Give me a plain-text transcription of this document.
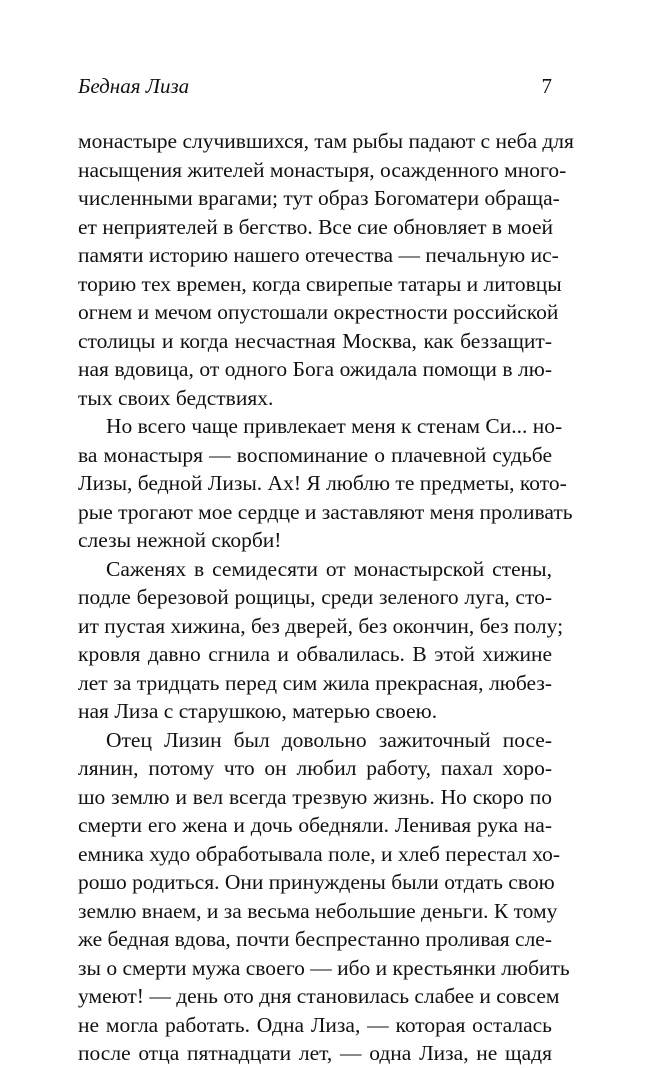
Бедная Лиза	7
монастыре случившихся, там рыбы падают с неба для
насыщения жителей монастыря, осажденного много-
численными врагами; тут образ Богоматери обраща-
ет неприятелей в бегство. Все сие обновляет в моей
памяти историю нашего отечества — печальную ис-
торию тех времен, когда свирепые татары и литовцы
огнем и мечом опустошали окрестности российской
столицы и когда несчастная Москва, как беззащит-
ная вдовица, от одного Бога ожидала помощи в лю-
тых своих бедствиях.
Но всего чаще привлекает меня к стенам Си... но-
ва монастыря — воспоминание о плачевной судьбе
Лизы, бедной Лизы. Ах! Я люблю те предметы, кото-
рые трогают мое сердце и заставляют меня проливать
слезы нежной скорби!
Саженях в семидесяти от монастырской стены,
подле березовой рощицы, среди зеленого луга, сто-
ит пустая хижина, без дверей, без окончин, без полу;
кровля давно сгнила и обвалилась. В этой хижине
лет за тридцать перед сим жила прекрасная, любез-
ная Лиза с старушкою, матерью своею.
Отец Лизин был довольно зажиточный посе-
лянин, потому что он любил работу, пахал хоро-
шо землю и вел всегда трезвую жизнь. Но скоро по
смерти его жена и дочь обедняли. Ленивая рука на-
емника худо обработывала поле, и хлеб перестал хо-
рошо родиться. Они принуждены были отдать свою
землю внаем, и за весьма небольшие деньги. К тому
же бедная вдова, почти беспрестанно проливая сле-
зы о смерти мужа своего — ибо и крестьянки любить
умеют! — день ото дня становилась слабее и совсем
не могла работать. Одна Лиза, — которая осталась
после отца пятнадцати лет, — одна Лиза, не щадя
